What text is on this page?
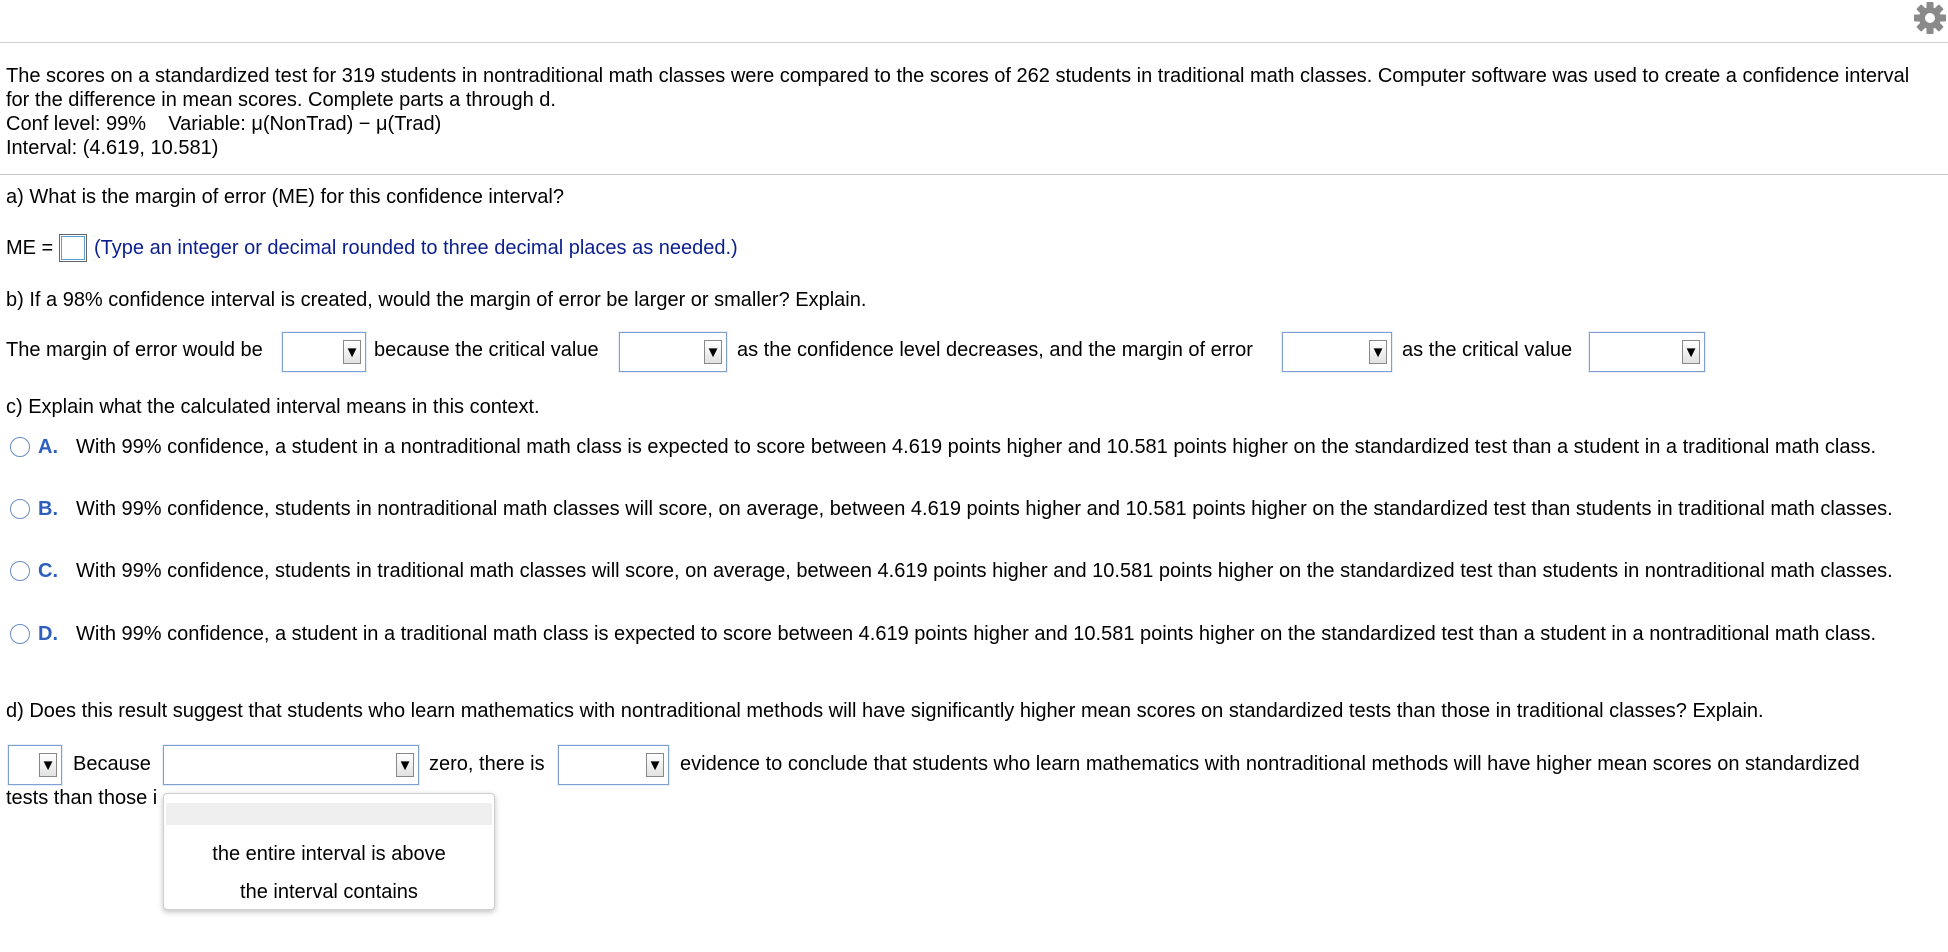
The scores on a standardized test for 319 students in nontraditional math classes were compared to the scores of 262 students in traditional math classes. Computer software was used to create a confidence interval for the difference in mean scores. Complete parts a through d.

Conf level: 99% Variable: μ(NonTrad) − μ(Trad)

Interval: (4.619, 10.581)

a) What is the margin of error (ME) for this confidence interval?
ME = (Type an integer or decimal rounded to three decimal places as needed.)
b) If a 98% confidence interval is created, would the margin of error be larger or smaller? Explain.
The margin of error would be	▼ because the critical value	▼ as the confidence level decreases, and the margin of error	▼ as the critical value	▼
c) Explain what the calculated interval means in this context.
A. With 99% confidence, a student in a nontraditional math class is expected to score between 4.619 points higher and 10.581 points higher on the standardized test than a student in a traditional math class.
B. With 99% confidence, students in nontraditional math classes will score, on average, between 4.619 points higher and 10.581 points higher on the standardized test than students in traditional math classes.
C. With 99% confidence, students in traditional math classes will score, on average, between 4.619 points higher and 10.581 points higher on the standardized test than students in nontraditional math classes.
D. With 99% confidence, a student in a traditional math class is expected to score between 4.619 points higher and 10.581 points higher on the standardized test than a student in a nontraditional math class.
d) Does this result suggest that students who learn mathematics with nontraditional methods will have significantly higher mean scores on standardized tests than those in traditional classes? Explain.
▼ Because	▼ zero, there is	▼ evidence to conclude that students who learn mathematics with nontraditional methods will have higher mean scores on standardized
tests than those i
the entire interval is above
the interval contains
